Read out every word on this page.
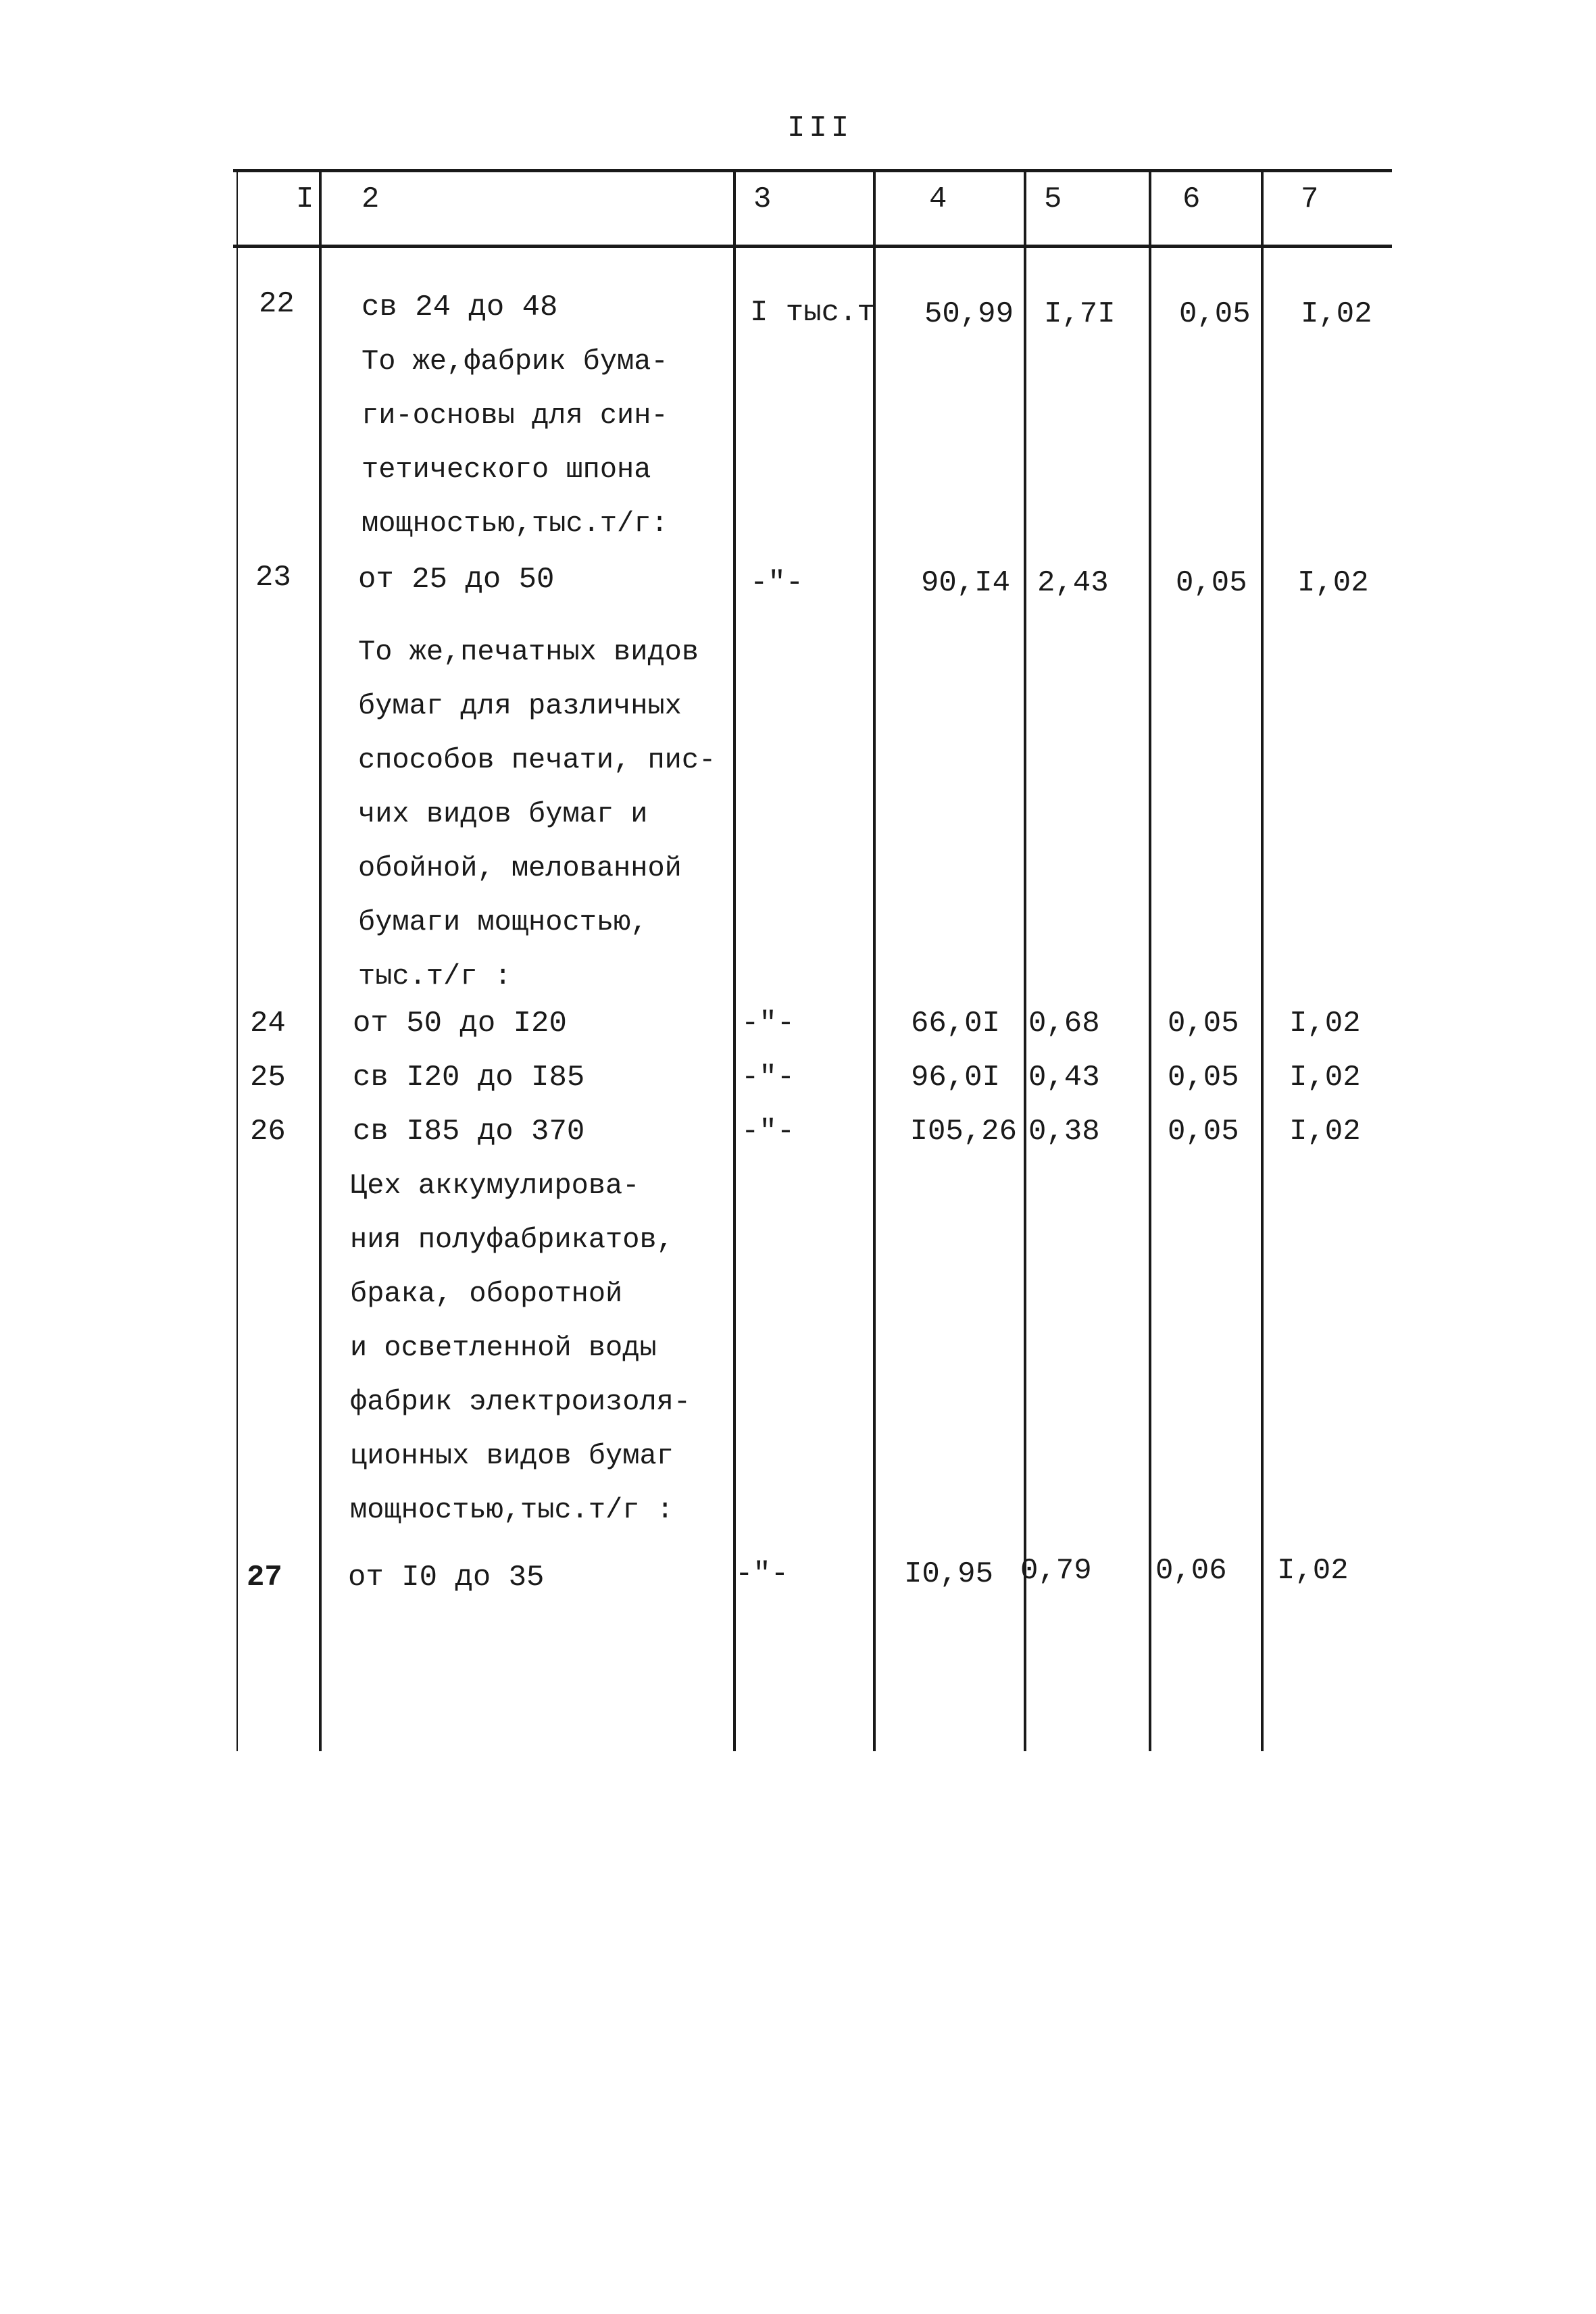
III
I 2	3	4	5	6	7
22 св 24 до 48	I тыс.т	50,99 I,7I 0,05 I,02
То же,фабрик бума-
ги-основы для син-
тетического шпона
мощностью,тыс.т/г:
23 от 25 до 50	-"-	90,I4 2,43 0,05 I,02
То же,печатных видов
бумаг для различных
способов печати, пис-
чих видов бумаг и
обойной, мелованной
бумаги мощностью,
тыс.т/г :
24 от 50 до I20	-"-	66,0I 0,68 0,05 I,02
25 св I20 до I85	-"-	96,0I 0,43 0,05 I,02
26 св I85 до 370	-"-	I05,26 0,38 0,05 I,02
Цех аккумулирова-
ния полуфабрикатов,
брака, оборотной
и осветленной воды
фабрик электроизоля-
ционных видов бумаг
мощностью,тыс.т/г :
27 от I0 до 35	-"-	I0,95 0,79 0,06 I,02
